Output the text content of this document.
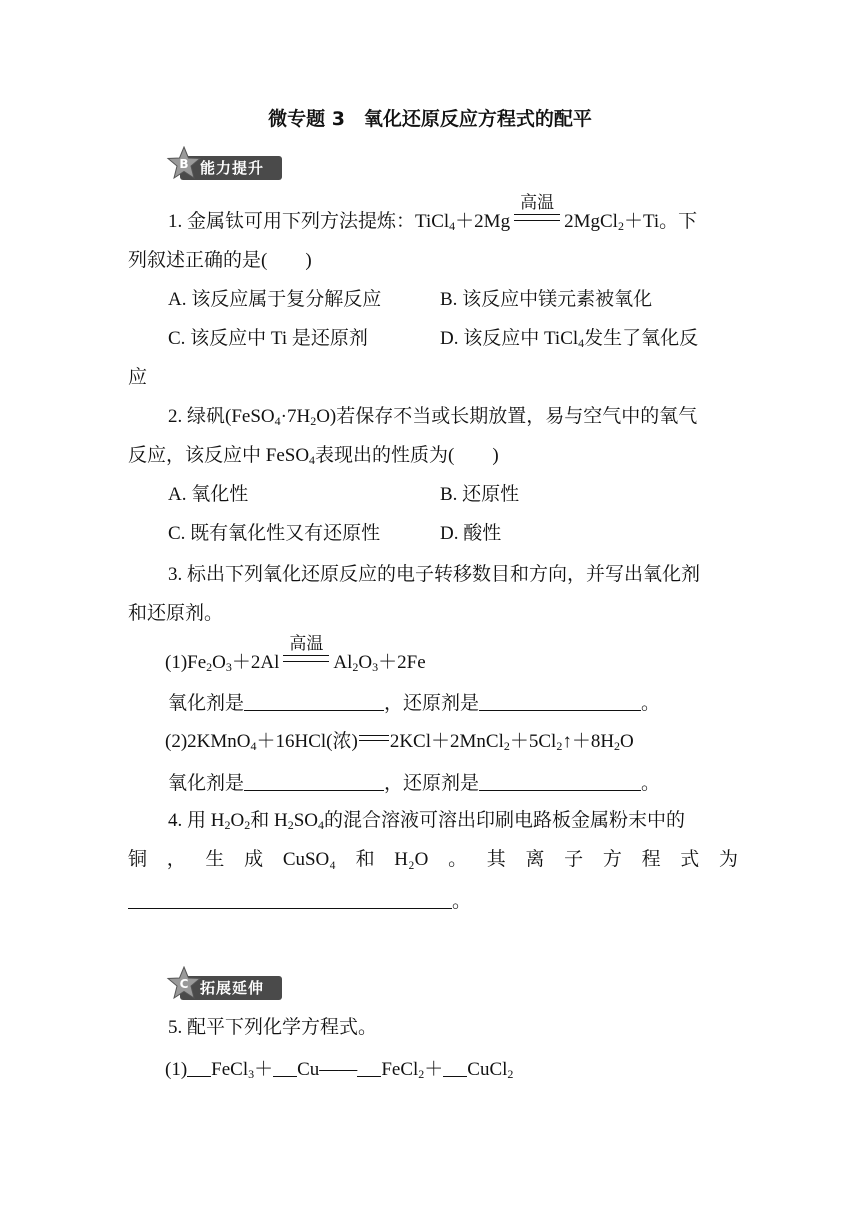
微专题 3　氧化还原反应方程式的配平
B 能力提升
1. 金属钛可用下列方法提炼：TiCl$_4$＋2Mg
高温
2MgCl$_2$＋Ti。下
列叙述正确的是(　　)
A. 该反应属于复分解反应	B. 该反应中镁元素被氧化
C. 该反应中 Ti 是还原剂	D. 该反应中 TiCl$_4$发生了氧化反
应
2. 绿矾$(FeSO_4\cdot 7H_2O)$若保存不当或长期放置，易与空气中的氧气
反应，该反应中 FeSO$_4$表现出的性质为(　　)
A. 氧化性	B. 还原性
C. 既有氧化性又有还原性	D. 酸性
3. 标出下列氧化还原反应的电子转移数目和方向，并写出氧化剂
和还原剂。
$(1)Fe_2O_3+2Al$
高温
$Al_2O_3+2Fe$
氧化剂是	，还原剂是	。
(2)2KMnO$_4$＋16HCl(浓) $2KCl+2MnCl_2+5Cl_2↑+8H_2O$
氧化剂是	，还原剂是	。
4. 用 $H_2O_2$和 $H_2SO_4$的混合溶液可溶出印刷电路板金属粉末中的
铜 ， 生 成 CuSO₄ 和 H₂O 。 其 离 子 方 程 式 为
。
C 拓展延伸
5. 配平下列化学方程式。
(1) FeCl$_3$＋ Cu—— FeCl$_2$＋ CuCl$_2$
